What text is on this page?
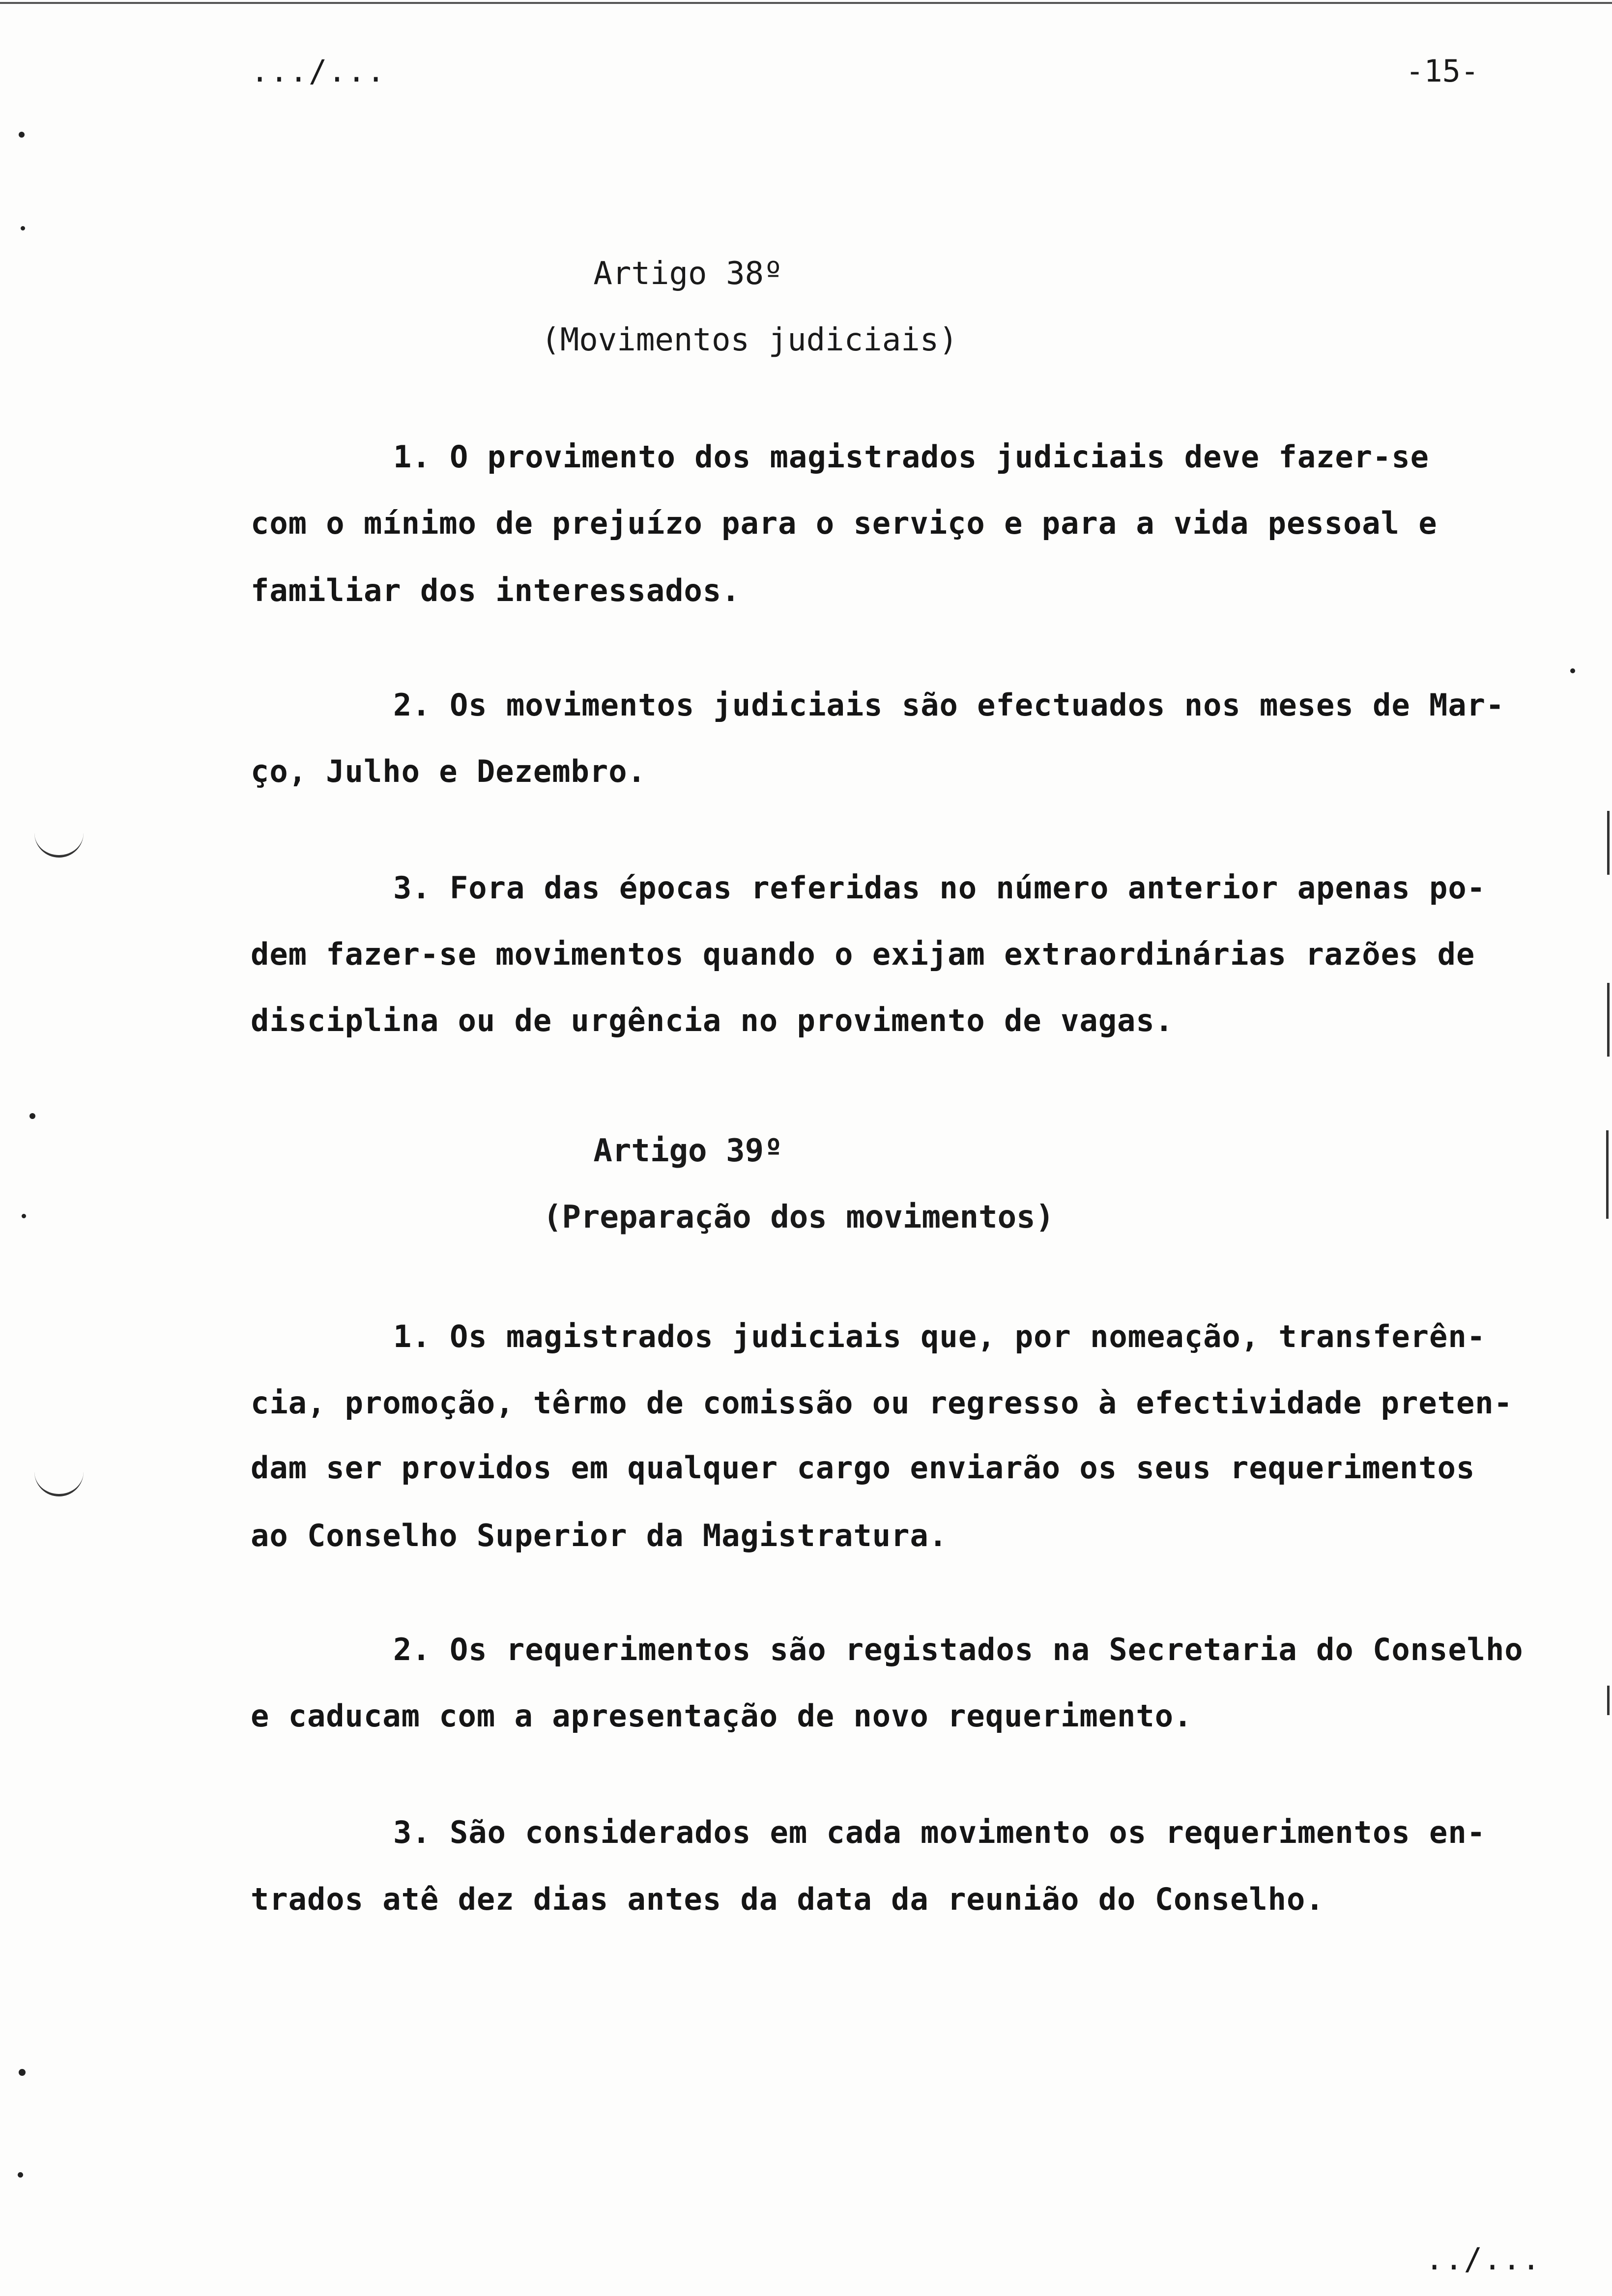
.../...	-15-
Artigo 38º
(Movimentos judiciais)
1. O provimento dos magistrados judiciais deve fazer-se
com o mínimo de prejuízo para o serviço e para a vida pessoal e
familiar dos interessados.
2. Os movimentos judiciais são efectuados nos meses de Mar-
ço, Julho e Dezembro.
3. Fora das épocas referidas no número anterior apenas po-
dem fazer-se movimentos quando o exijam extraordinárias razões de
disciplina ou de urgência no provimento de vagas.
Artigo 39º
(Preparação dos movimentos)
1. Os magistrados judiciais que, por nomeação, transferên-
cia, promoção, têrmo de comissão ou regresso à efectividade preten-
dam ser providos em qualquer cargo enviarão os seus requerimentos
ao Conselho Superior da Magistratura.
2. Os requerimentos são registados na Secretaria do Conselho
e caducam com a apresentação de novo requerimento.
3. São considerados em cada movimento os requerimentos en-
trados atê dez dias antes da data da reunião do Conselho.
../...
